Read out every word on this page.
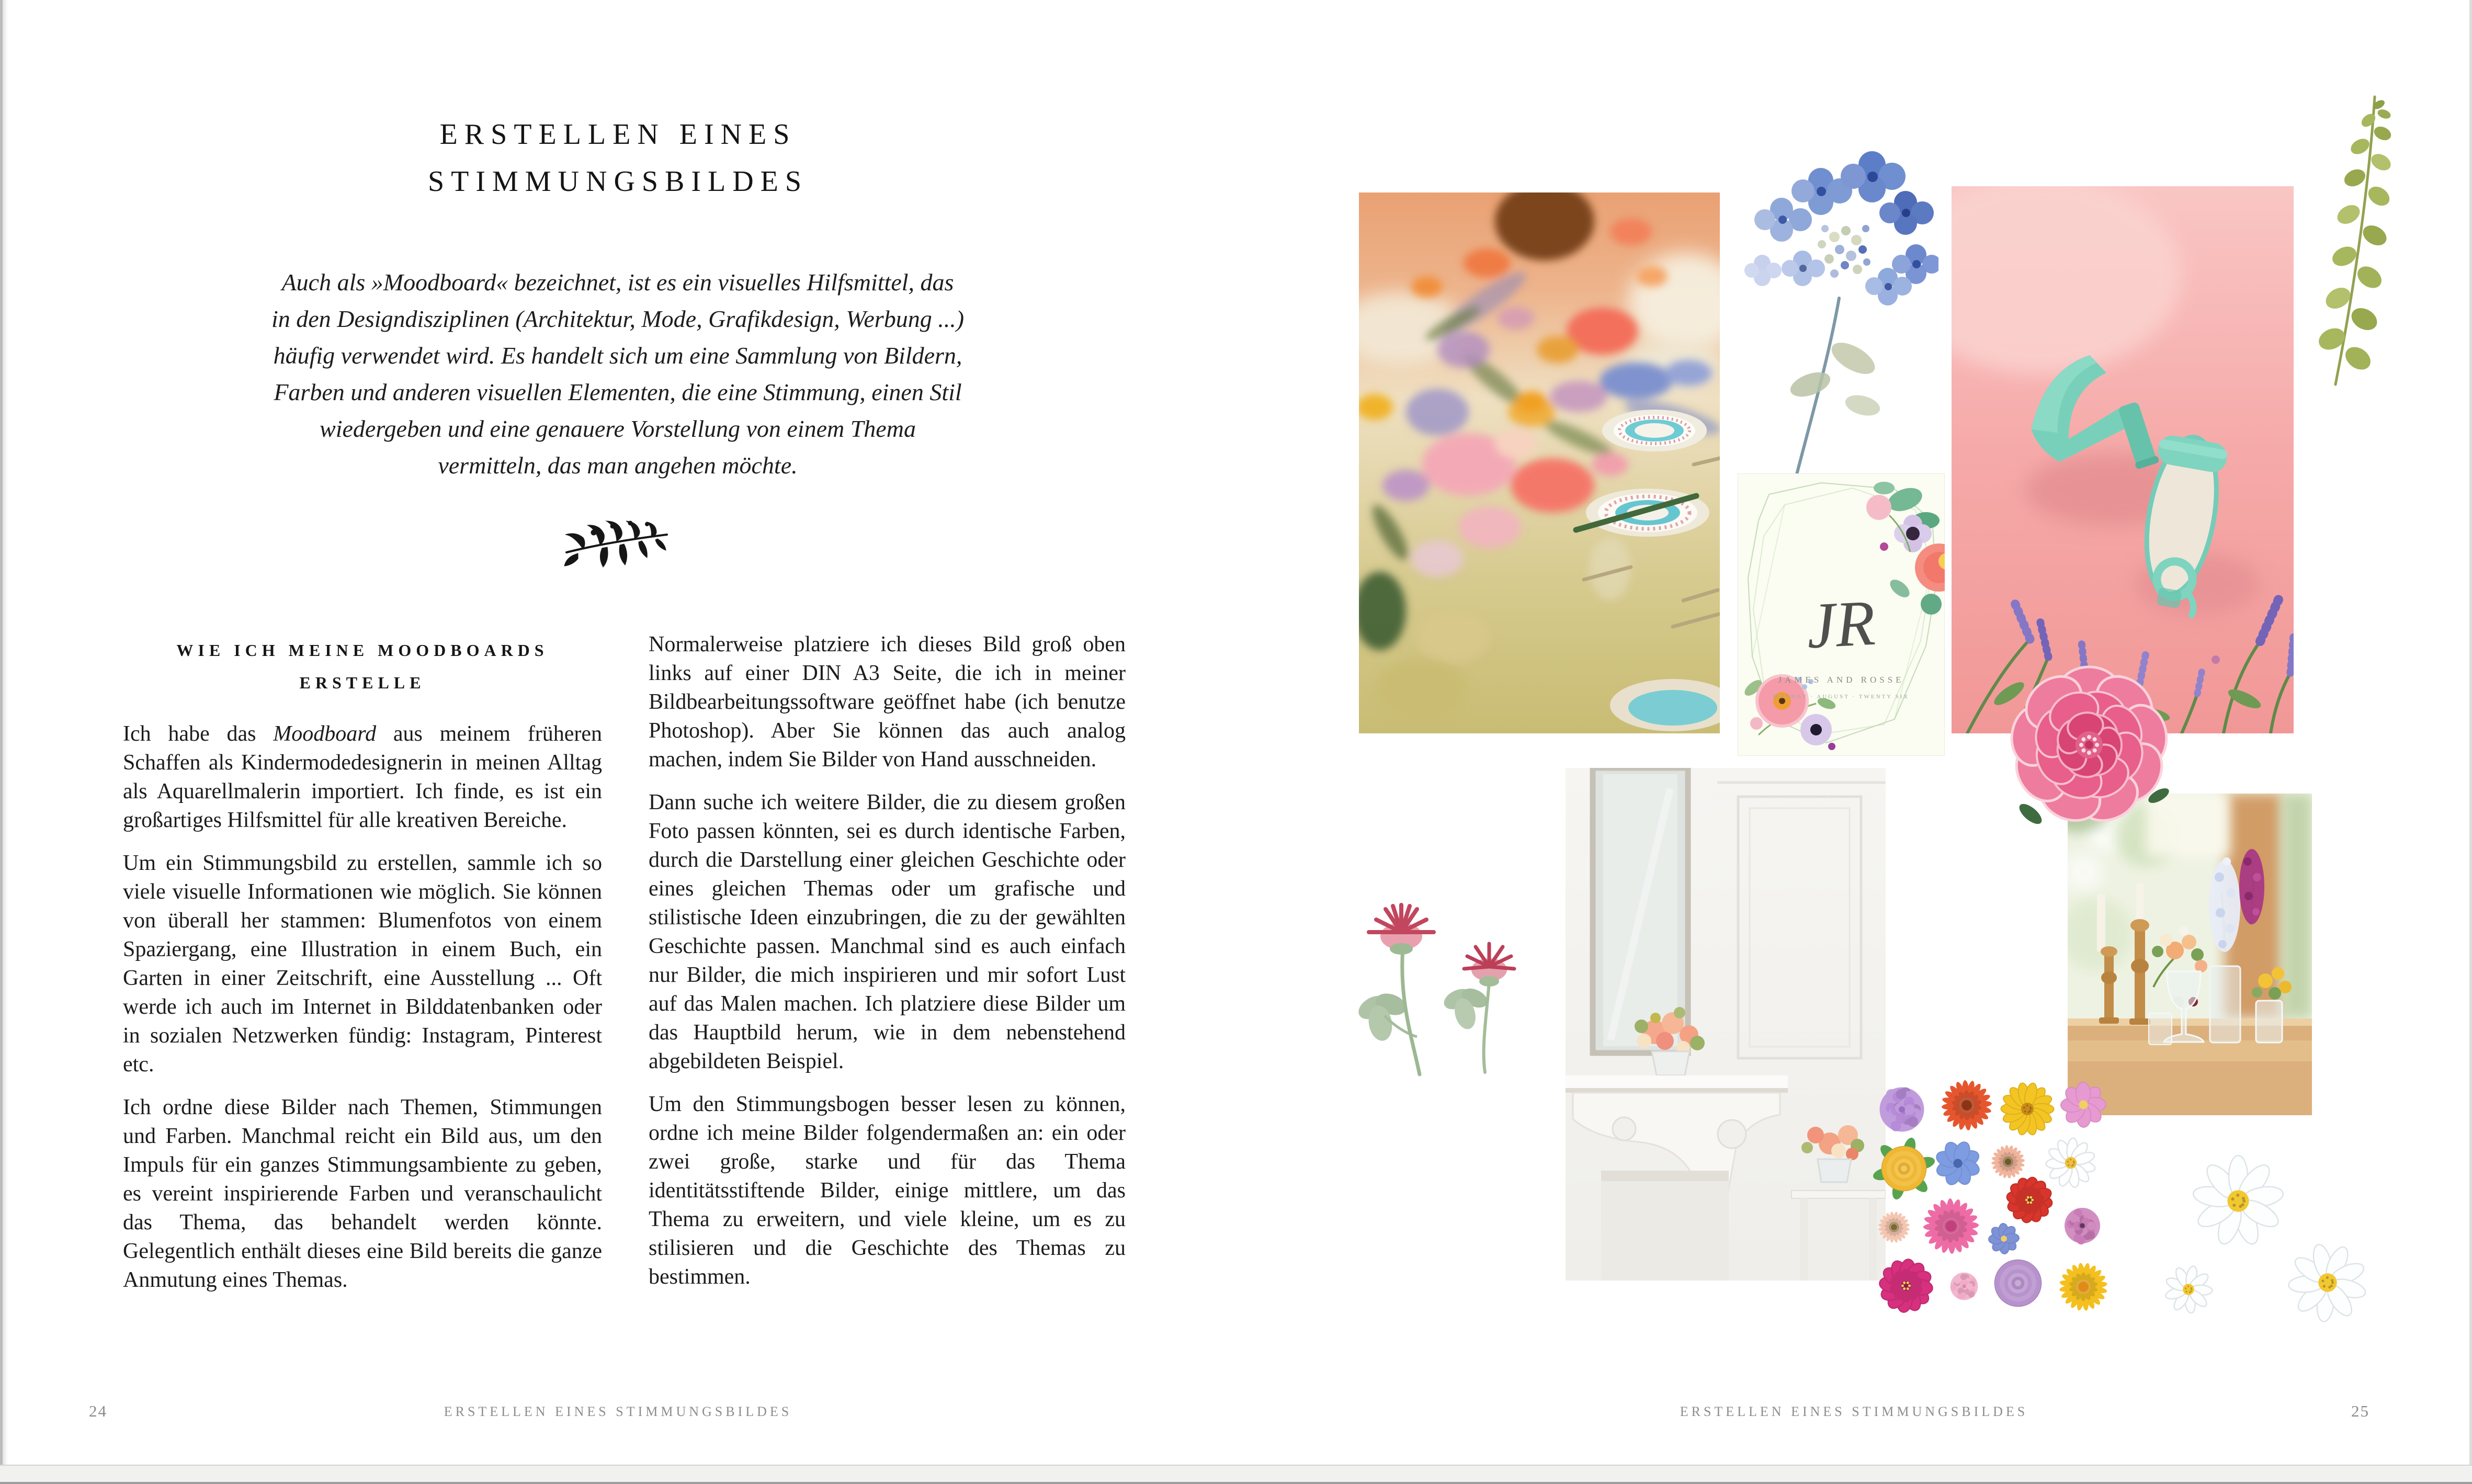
ERSTELLEN EINES
STIMMUNGSBILDES
Auch als »Moodboard« bezeichnet, ist es ein visuelles Hilfsmittel, das in den Designdisziplinen (Architektur, Mode, Grafikdesign, Werbung ...) häufig verwendet wird. Es handelt sich um eine Sammlung von Bildern, Farben und anderen visuellen Elementen, die eine Stimmung, einen Stil wiedergeben und eine genauere Vorstellung von einem Thema vermitteln, das man angehen möchte.
WIE ICH MEINE MOODBOARDS
ERSTELLE

Ich habe das Moodboard aus meinem früheren Schaffen als Kindermodedesignerin in meinen Alltag als Aquarellmalerin importiert. Ich finde, es ist ein großartiges Hilfsmittel für alle kreativen Bereiche.

Um ein Stimmungsbild zu erstellen, sammle ich so viele visuelle Informationen wie möglich. Sie können von überall her stammen: Blumenfotos von einem Spaziergang, eine Illustration in einem Buch, ein Garten in einer Zeitschrift, eine Ausstellung ... Oft werde ich auch im Internet in Bilddatenbanken oder in sozialen Netzwerken fündig: Instagram, Pinterest etc.

Ich ordne diese Bilder nach Themen, Stimmungen und Farben. Manchmal reicht ein Bild aus, um den Impuls für ein ganzes Stimmungsambiente zu geben, es vereint inspirierende Farben und veranschaulicht das Thema, das behandelt werden könnte. Gelegentlich enthält dieses eine Bild bereits die ganze Anmutung eines Themas.

Normalerweise platziere ich dieses Bild groß oben links auf einer DIN A3 Seite, die ich in meiner Bildbearbeitungssoftware geöffnet habe (ich benutze Photoshop). Aber Sie können das auch analog machen, indem Sie Bilder von Hand ausschneiden.

Dann suche ich weitere Bilder, die zu diesem großen Foto passen könnten, sei es durch identische Farben, durch die Darstellung einer gleichen Geschichte oder eines gleichen Themas oder um grafische und stilistische Ideen einzubringen, die zu der gewählten Geschichte passen. Manchmal sind es auch einfach nur Bilder, die mich inspirieren und mir sofort Lust auf das Malen machen. Ich platziere diese Bilder um das Hauptbild herum, wie in dem nebenstehend abgebildeten Beispiel.

Um den Stimmungsbogen besser lesen zu können, ordne ich meine Bilder folgendermaßen an: ein oder zwei große, starke und für das Thema identitätsstiftende Bilder, einige mittlere, um das Thema zu erweitern, und viele kleine, um es zu stilisieren und die Geschichte des Themas zu bestimmen.

24	ERSTELLEN EINES STIMMUNGSBILDES	ERSTELLEN EINES STIMMUNGSBILDES	25
JR
JAMES AND ROSSE
MONDAY · AUGUST · TWENTY SIX
